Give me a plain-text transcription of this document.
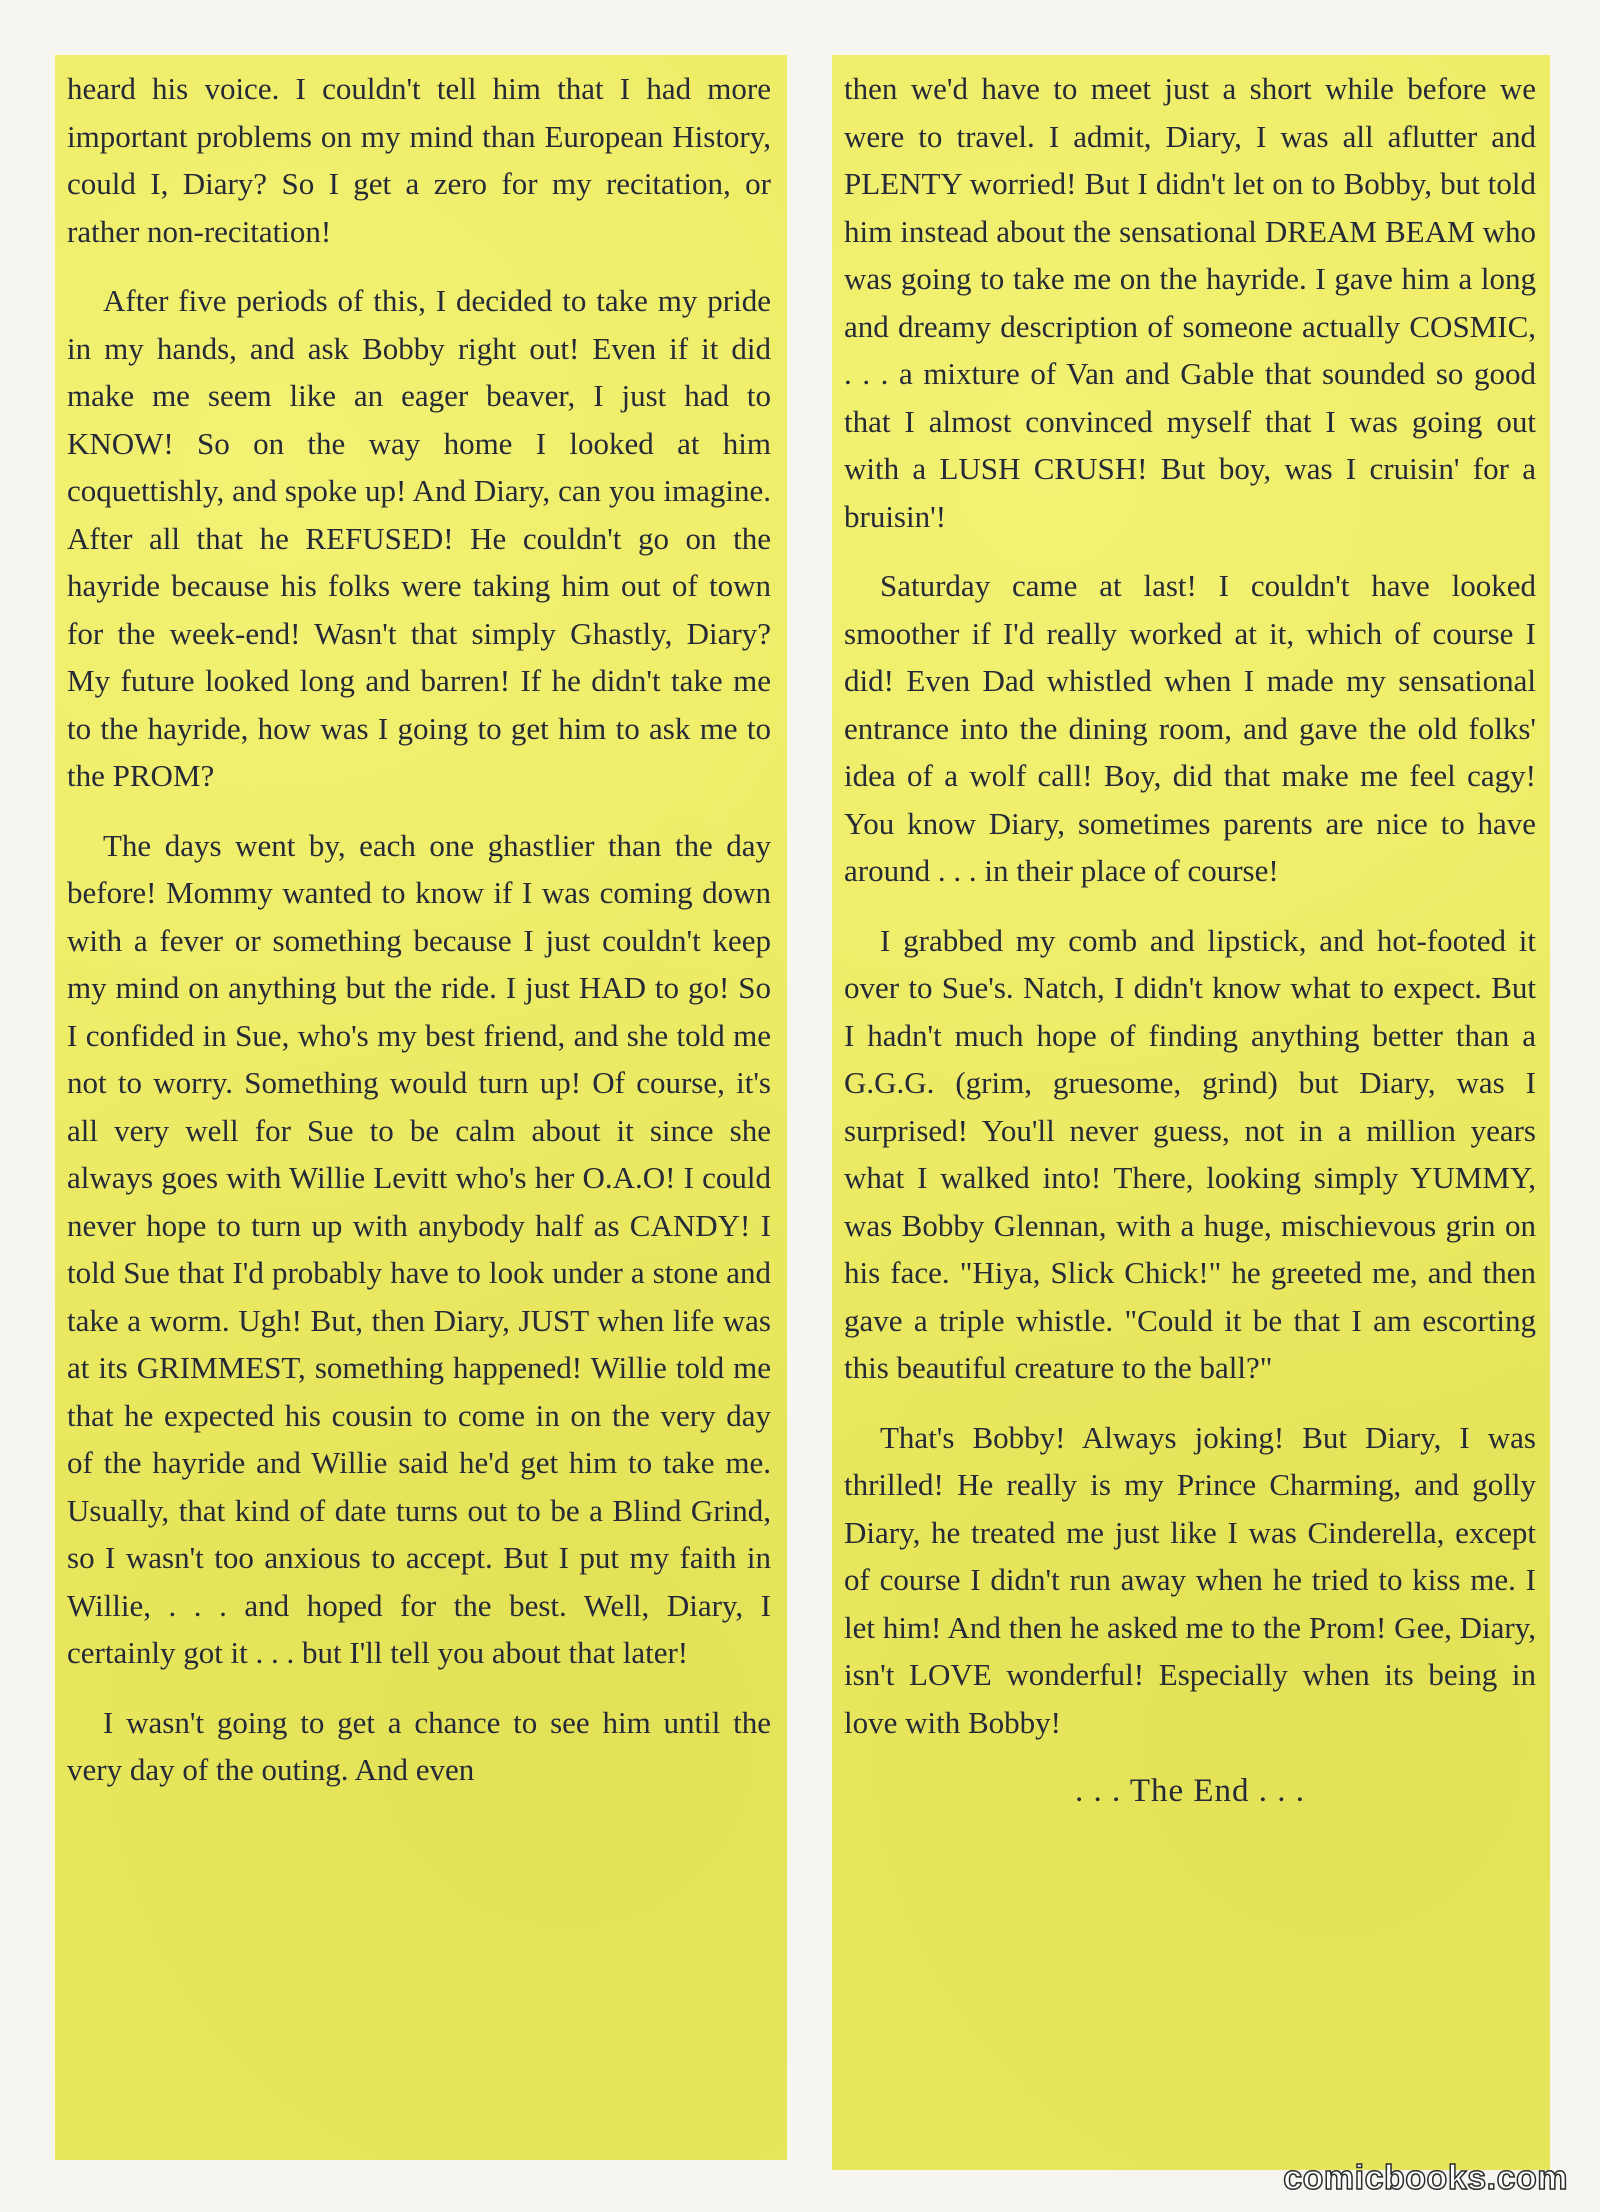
heard his voice. I couldn't tell him that I had more important problems on my mind than European History, could I, Diary? So I get a zero for my recitation, or rather non-recitation!

After five periods of this, I decided to take my pride in my hands, and ask Bobby right out! Even if it did make me seem like an eager beaver, I just had to KNOW! So on the way home I looked at him coquettishly, and spoke up! And Diary, can you imagine. After all that he REFUSED! He couldn't go on the hayride because his folks were taking him out of town for the week-end! Wasn't that simply Ghastly, Diary? My future looked long and barren! If he didn't take me to the hayride, how was I going to get him to ask me to the PROM?

The days went by, each one ghastlier than the day before! Mommy wanted to know if I was coming down with a fever or something because I just couldn't keep my mind on anything but the ride. I just HAD to go! So I confided in Sue, who's my best friend, and she told me not to worry. Something would turn up! Of course, it's all very well for Sue to be calm about it since she always goes with Willie Levitt who's her O.A.O! I could never hope to turn up with anybody half as CANDY! I told Sue that I'd probably have to look under a stone and take a worm. Ugh! But, then Diary, JUST when life was at its GRIMMEST, something happened! Willie told me that he expected his cousin to come in on the very day of the hayride and Willie said he'd get him to take me. Usually, that kind of date turns out to be a Blind Grind, so I wasn't too anxious to accept. But I put my faith in Willie, . . . and hoped for the best. Well, Diary, I certainly got it . . . but I'll tell you about that later!

I wasn't going to get a chance to see him until the very day of the outing. And even

then we'd have to meet just a short while before we were to travel. I admit, Diary, I was all aflutter and PLENTY worried! But I didn't let on to Bobby, but told him instead about the sensational DREAM BEAM who was going to take me on the hayride. I gave him a long and dreamy description of someone actually COSMIC, . . . a mixture of Van and Gable that sounded so good that I almost convinced myself that I was going out with a LUSH CRUSH! But boy, was I cruisin' for a bruisin'!

Saturday came at last! I couldn't have looked smoother if I'd really worked at it, which of course I did! Even Dad whistled when I made my sensational entrance into the dining room, and gave the old folks' idea of a wolf call! Boy, did that make me feel cagy! You know Diary, sometimes parents are nice to have around . . . in their place of course!

I grabbed my comb and lipstick, and hot-footed it over to Sue's. Natch, I didn't know what to expect. But I hadn't much hope of finding anything better than a G.G.G. (grim, gruesome, grind) but Diary, was I surprised! You'll never guess, not in a million years what I walked into! There, looking simply YUMMY, was Bobby Glennan, with a huge, mischievous grin on his face. "Hiya, Slick Chick!" he greeted me, and then gave a triple whistle. "Could it be that I am escorting this beautiful creature to the ball?"

That's Bobby! Always joking! But Diary, I was thrilled! He really is my Prince Charming, and golly Diary, he treated me just like I was Cinderella, except of course I didn't run away when he tried to kiss me. I let him! And then he asked me to the Prom! Gee, Diary, isn't LOVE wonderful! Especially when its being in love with Bobby!

. . . The End . . .
comicbooks.com
